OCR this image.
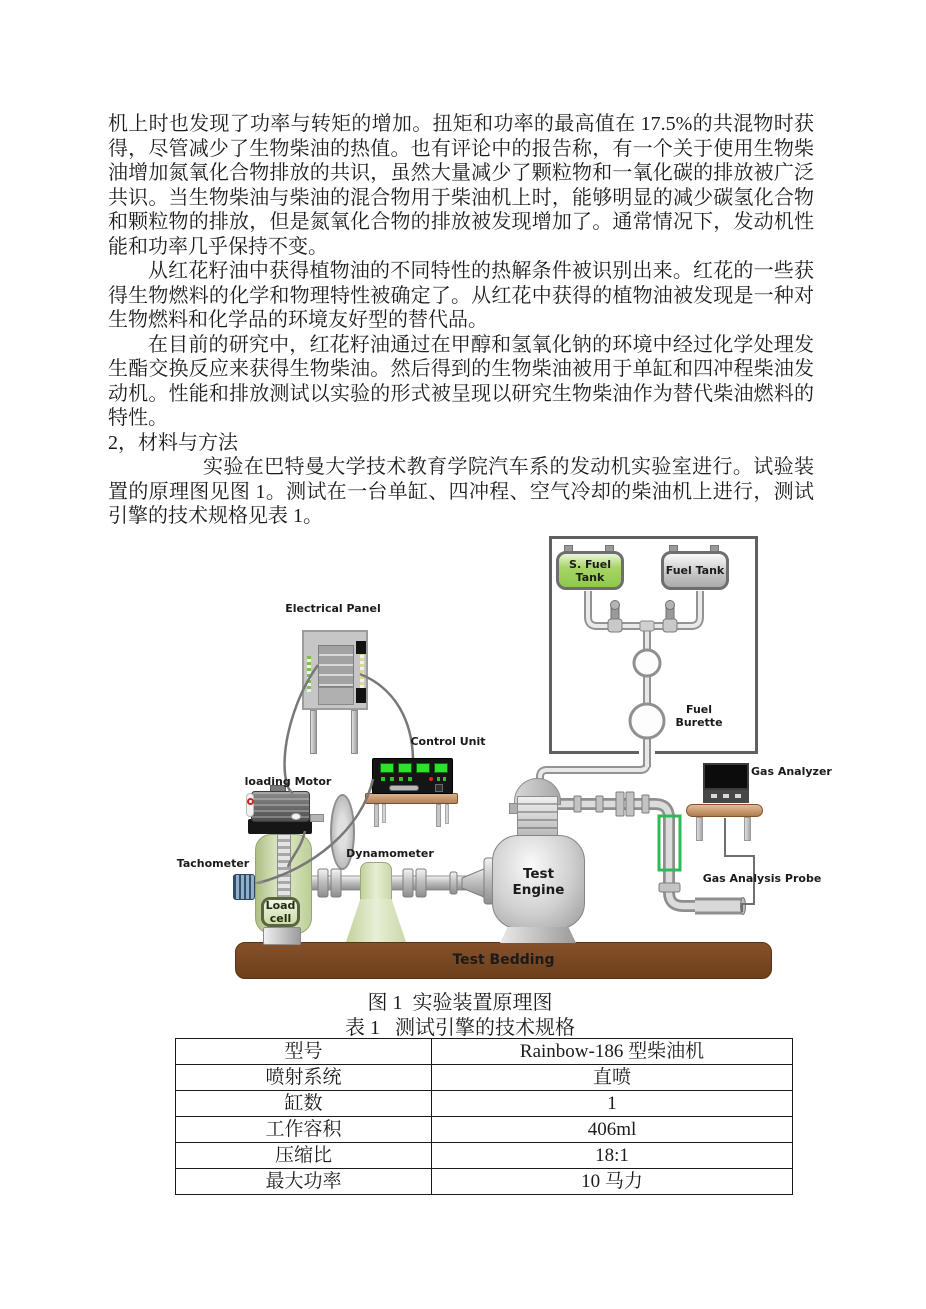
机上时也发现了功率与转矩的增加。扭矩和功率的最高值在 17.5%的共混物时获得，尽管减少了生物柴油的热值。也有评论中的报告称，有一个关于使用生物柴油增加氮氧化合物排放的共识，虽然大量减少了颗粒物和一氧化碳的排放被广泛共识。当生物柴油与柴油的混合物用于柴油机上时，能够明显的减少碳氢化合物和颗粒物的排放，但是氮氧化合物的排放被发现增加了。通常情况下，发动机性能和功率几乎保持不变。

从红花籽油中获得植物油的不同特性的热解条件被识别出来。红花的一些获得生物燃料的化学和物理特性被确定了。从红花中获得的植物油被发现是一种对生物燃料和化学品的环境友好型的替代品。

在目前的研究中，红花籽油通过在甲醇和氢氧化钠的环境中经过化学处理发生酯交换反应来获得生物柴油。然后得到的生物柴油被用于单缸和四冲程柴油发动机。性能和排放测试以实验的形式被呈现以研究生物柴油作为替代柴油燃料的特性。

2，材料与方法

实验在巴特曼大学技术教育学院汽车系的发动机实验室进行。试验装置的原理图见图 1。测试在一台单缸、四冲程、空气冷却的柴油机上进行，测试引擎的技术规格见表 1。

Test Bedding
S. Fuel Tank	Fuel Tank
Load cell
Test Engine
Electrical Panel
Control Unit
loading Motor
Tachometer
Dynamometer
Fuel Burette
Gas Analyzer
Gas Analysis Probe
图 1  实验装置原理图
表 1   测试引擎的技术规格
型号	Rainbow-186 型柴油机
喷射系统	直喷
缸数	1
工作容积	406ml
压缩比	18:1
最大功率	10 马力
